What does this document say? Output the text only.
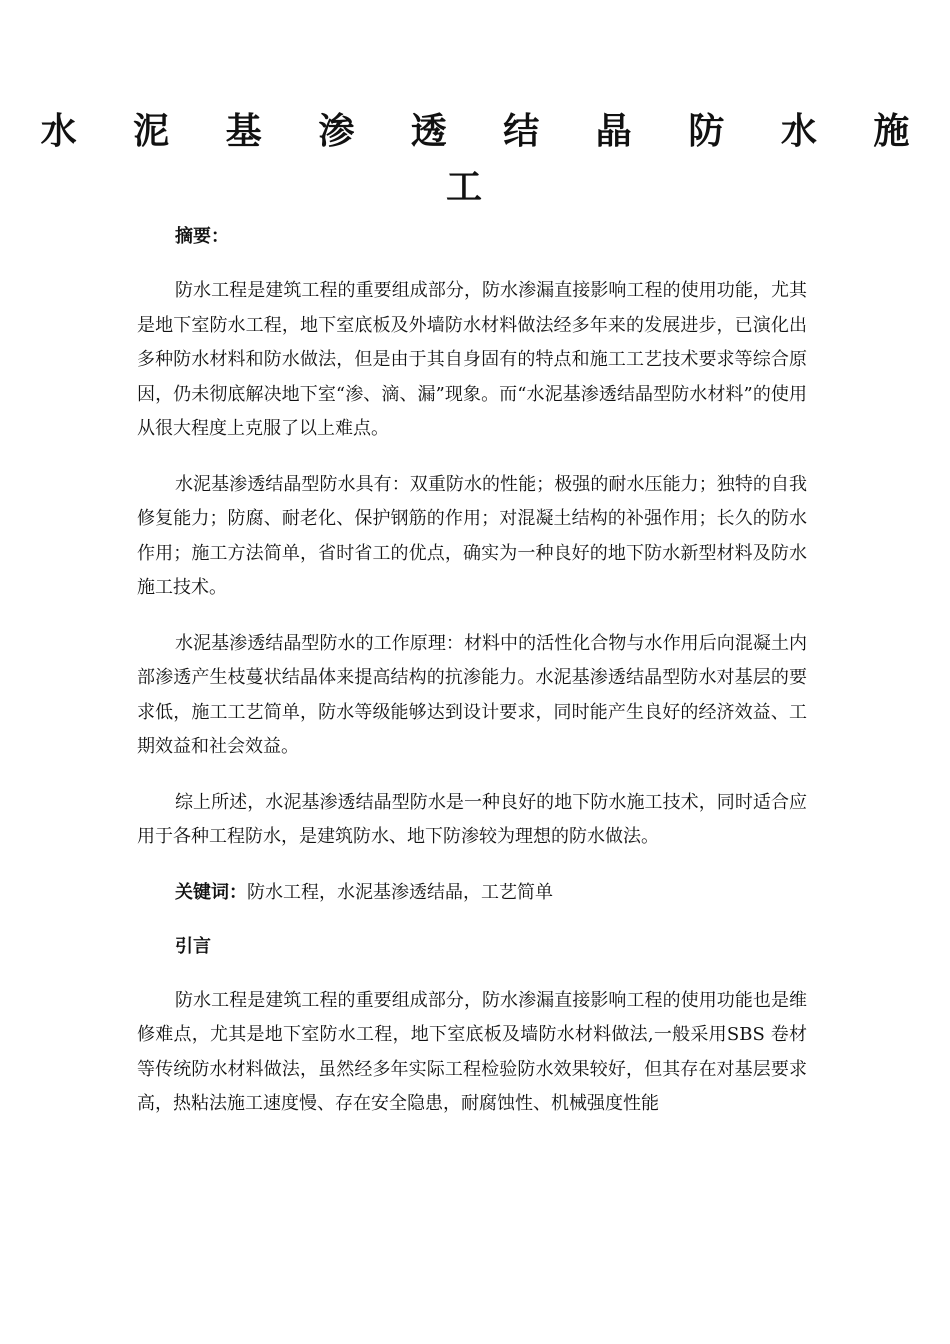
水 泥 基 渗 透 结 晶 防 水 施 工

摘要：

防水工程是建筑工程的重要组成部分，防水渗漏直接影响工程的使用功能，尤其是地下室防水工程，地下室底板及外墙防水材料做法经多年来的发展进步，已演化出多种防水材料和防水做法，但是由于其自身固有的特点和施工工艺技术要求等综合原因，仍未彻底解决地下室“渗、滴、漏”现象。而“水泥基渗透结晶型防水材料”的使用从很大程度上克服了以上难点。

水泥基渗透结晶型防水具有：双重防水的性能；极强的耐水压能力；独特的自我修复能力；防腐、耐老化、保护钢筋的作用；对混凝土结构的补强作用；长久的防水作用；施工方法简单，省时省工的优点，确实为一种良好的地下防水新型材料及防水施工技术。

水泥基渗透结晶型防水的工作原理：材料中的活性化合物与水作用后向混凝土内部渗透产生枝蔓状结晶体来提高结构的抗渗能力。水泥基渗透结晶型防水对基层的要求低，施工工艺简单，防水等级能够达到设计要求，同时能产生良好的经济效益、工期效益和社会效益。

综上所述，水泥基渗透结晶型防水是一种良好的地下防水施工技术，同时适合应用于各种工程防水，是建筑防水、地下防渗较为理想的防水做法。

关键词：防水工程，水泥基渗透结晶，工艺简单

引言

防水工程是建筑工程的重要组成部分，防水渗漏直接影响工程的使用功能也是维修难点，尤其是地下室防水工程，地下室底板及墙防水材料做法,一般采用SBS 卷材等传统防水材料做法，虽然经多年实际工程检验防水效果较好，但其存在对基层要求高，热粘法施工速度慢、存在安全隐患，耐腐蚀性、机械强度性能
